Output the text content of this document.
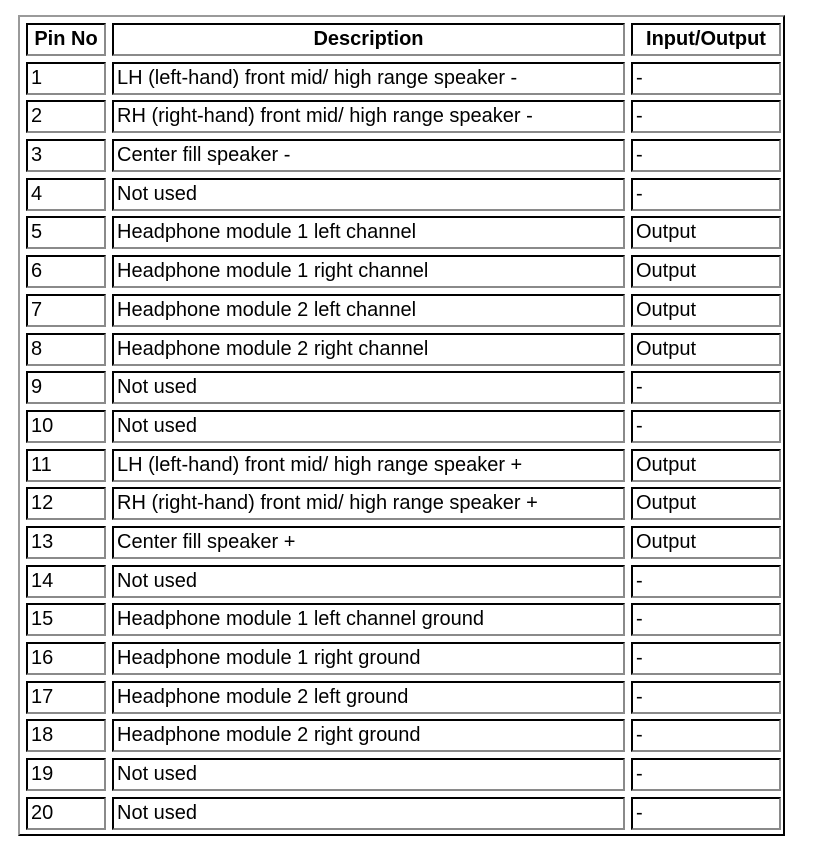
Pin No	Description	Input/Output

1	LH (left-hand) front mid/ high range speaker -	-

2	RH (right-hand) front mid/ high range speaker -	-

3	Center fill speaker -	-

4	Not used	-

5	Headphone module 1 left channel	Output

6	Headphone module 1 right channel	Output

7	Headphone module 2 left channel	Output

8	Headphone module 2 right channel	Output

9	Not used	-

10	Not used	-

11	LH (left-hand) front mid/ high range speaker +	Output

12	RH (right-hand) front mid/ high range speaker +	Output

13	Center fill speaker +	Output

14	Not used	-

15	Headphone module 1 left channel ground	-

16	Headphone module 1 right ground	-

17	Headphone module 2 left ground	-

18	Headphone module 2 right ground	-

19	Not used	-

20	Not used	-
